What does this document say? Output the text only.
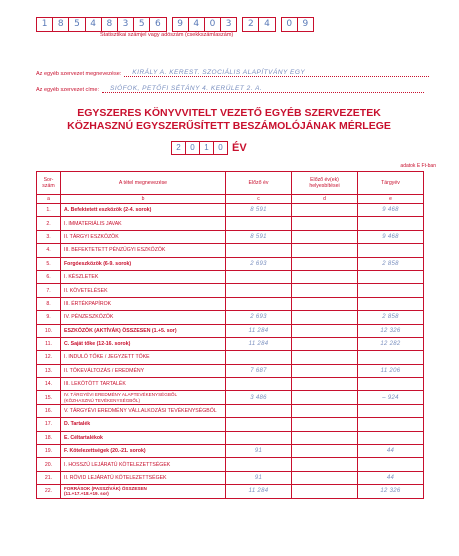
1	8	5	4	8	3	5	6	9	4	0	3	2	4	0	9
Statisztikai számjel vagy adószám (csekkszámlaszám)
Az egyéb szervezet megnevezése: KIRÁLY A. KEREST. SZOCIÁLIS ALAPÍTVÁNY EGY
Az egyéb szervezet címe: SIÓFOK, PETŐFI SÉTÁNY 4. KERÜLET 2. A.
EGYSZERES KÖNYVVITELT VEZETŐ EGYÉB SZERVEZETEK
KÖZHASZNÚ EGYSZERŰSÍTETT BESZÁMOLÓJÁNAK MÉRLEGE
2	0	1	0 ÉV
adatok E Ft-ban
Sor-
szám	A tétel megnevezése	Előző év	Előző év(ek) helyesbítései	Tárgyév
a	b	c	d	e
1.	A. Befektetett eszközök (2-4. sorok)	8 591		9 468
2.	I. IMMATERIÁLIS JAVAK			
3.	II. TÁRGYI ESZKÖZÖK	8 591		9 468
4.	III. BEFEKTETETT PÉNZÜGYI ESZKÖZÖK			
5.	Forgóeszközök (6-9. sorok)	2 693		2 858
6.	I. KÉSZLETEK			
7.	II. KÖVETELÉSEK			
8.	III. ÉRTÉKPAPÍROK			
9.	IV. PÉNZESZKÖZÖK	2 693		2 858
10.	ESZKÖZÖK (AKTÍVÁK) ÖSSZESEN (1.+5. sor)	11 284		12 326
11.	C. Saját tőke (12-16. sorok)	11 284		12 282
12.	I. INDULÓ TŐKE / JEGYZETT TŐKE			
13.	II. TŐKEVÁLTOZÁS / EREDMÉNY	7 687		11 206
14.	III. LEKÖTÖTT TARTALÉK			
15.	IV. TÁRGYÉVI EREDMÉNY ALAPTEVÉKENYSÉGBŐL
(KÖZHASZNÚ TEVÉKENYSÉGBŐL)	3 486		– 924
16.	V. TÁRGYÉVI EREDMÉNY VÁLLALKOZÁSI TEVÉKENYSÉGBŐL			
17.	D. Tartalék			
18.	E. Céltartalékok			
19.	F. Kötelezettségek (20.-21. sorok)	91		44
20.	I. HOSSZÚ LEJÁRATÚ KÖTELEZETTSÉGEK			
21.	II. RÖVID LEJÁRATÚ KÖTELEZETTSÉGEK	91		44
22.	FORRÁSOK (PASSZÍVÁK) ÖSSZESEN
(11.+17.+18.+19. sor)	11 284		12 326
